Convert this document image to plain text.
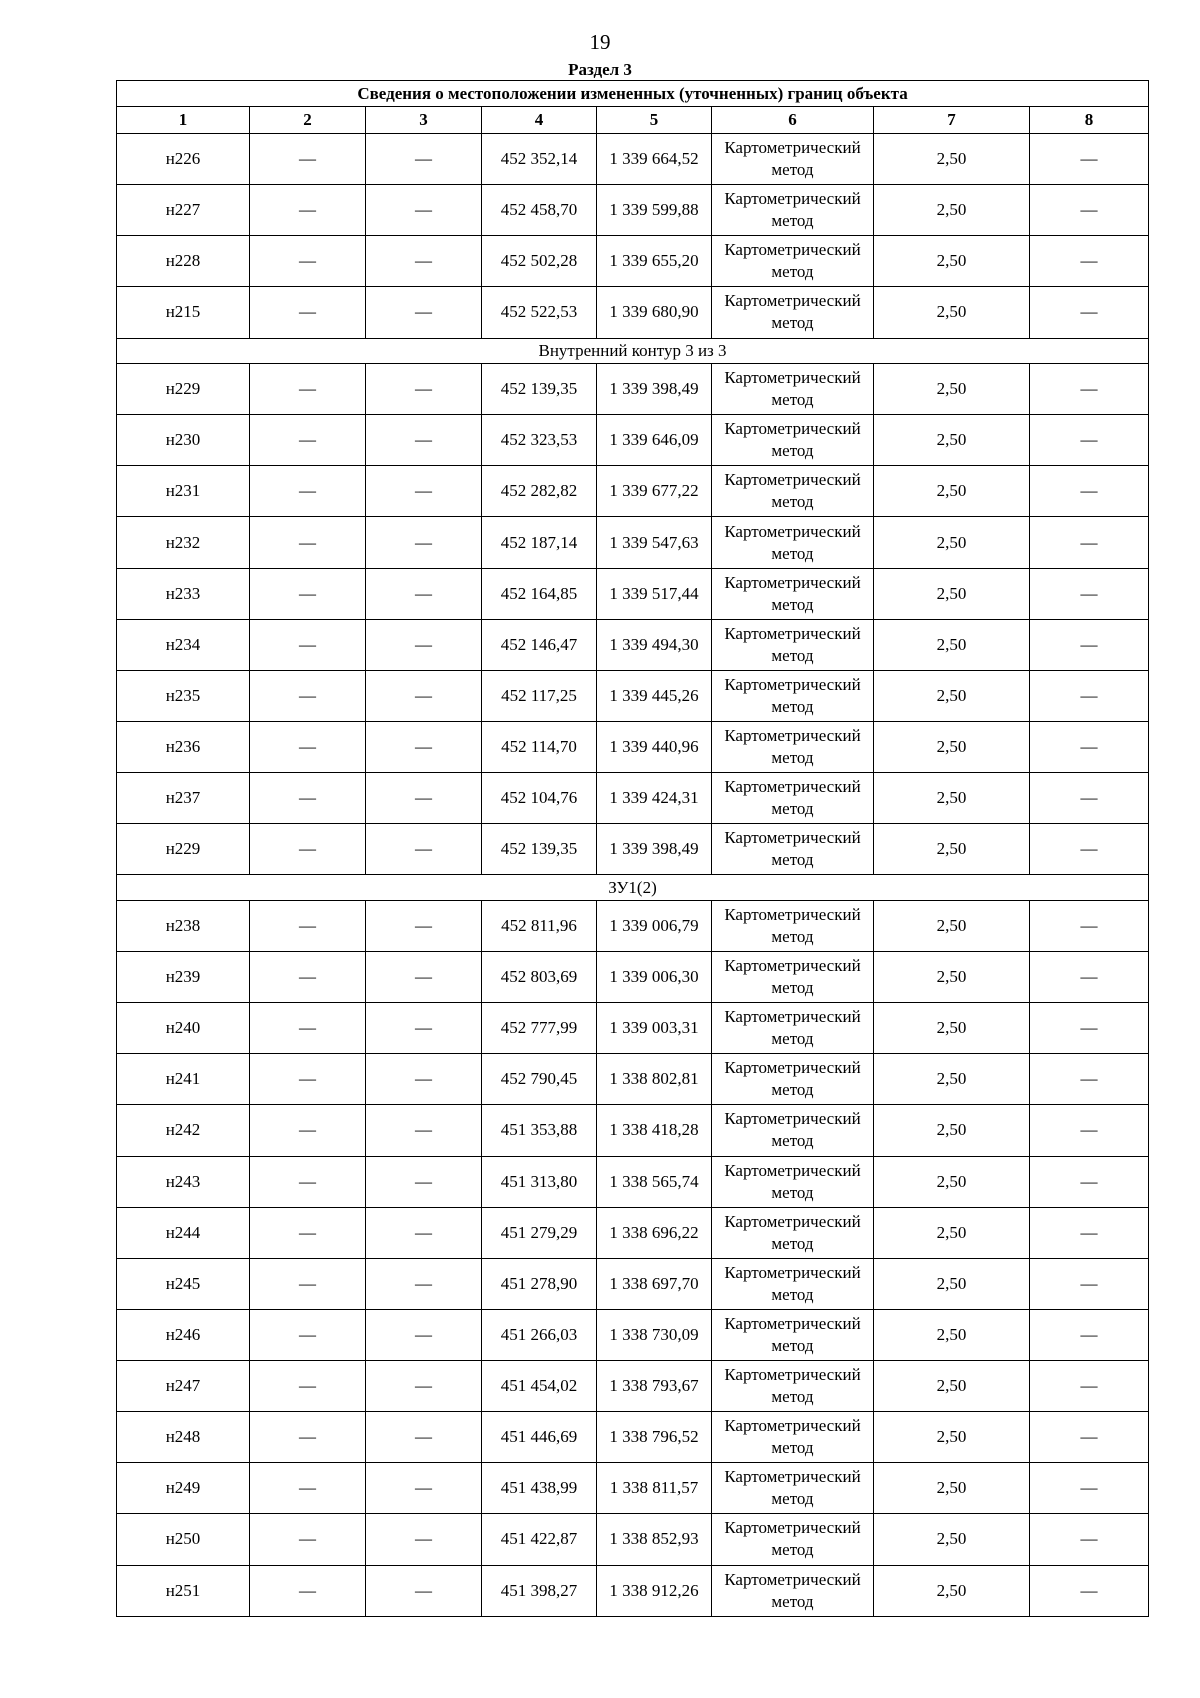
19
Раздел 3
Сведения о местоположении измененных (уточненных) границ объекта							
1	2	3	4	5	6	7	8
н226	—	—	452 352,14	1 339 664,52	Картометрический метод	2,50	—
н227	—	—	452 458,70	1 339 599,88	Картометрический метод	2,50	—
н228	—	—	452 502,28	1 339 655,20	Картометрический метод	2,50	—
н215	—	—	452 522,53	1 339 680,90	Картометрический метод	2,50	—
Внутренний контур 3 из 3							
н229	—	—	452 139,35	1 339 398,49	Картометрический метод	2,50	—
н230	—	—	452 323,53	1 339 646,09	Картометрический метод	2,50	—
н231	—	—	452 282,82	1 339 677,22	Картометрический метод	2,50	—
н232	—	—	452 187,14	1 339 547,63	Картометрический метод	2,50	—
н233	—	—	452 164,85	1 339 517,44	Картометрический метод	2,50	—
н234	—	—	452 146,47	1 339 494,30	Картометрический метод	2,50	—
н235	—	—	452 117,25	1 339 445,26	Картометрический метод	2,50	—
н236	—	—	452 114,70	1 339 440,96	Картометрический метод	2,50	—
н237	—	—	452 104,76	1 339 424,31	Картометрический метод	2,50	—
н229	—	—	452 139,35	1 339 398,49	Картометрический метод	2,50	—
ЗУ1(2)							
н238	—	—	452 811,96	1 339 006,79	Картометрический метод	2,50	—
н239	—	—	452 803,69	1 339 006,30	Картометрический метод	2,50	—
н240	—	—	452 777,99	1 339 003,31	Картометрический метод	2,50	—
н241	—	—	452 790,45	1 338 802,81	Картометрический метод	2,50	—
н242	—	—	451 353,88	1 338 418,28	Картометрический метод	2,50	—
н243	—	—	451 313,80	1 338 565,74	Картометрический метод	2,50	—
н244	—	—	451 279,29	1 338 696,22	Картометрический метод	2,50	—
н245	—	—	451 278,90	1 338 697,70	Картометрический метод	2,50	—
н246	—	—	451 266,03	1 338 730,09	Картометрический метод	2,50	—
н247	—	—	451 454,02	1 338 793,67	Картометрический метод	2,50	—
н248	—	—	451 446,69	1 338 796,52	Картометрический метод	2,50	—
н249	—	—	451 438,99	1 338 811,57	Картометрический метод	2,50	—
н250	—	—	451 422,87	1 338 852,93	Картометрический метод	2,50	—
н251	—	—	451 398,27	1 338 912,26	Картометрический метод	2,50	—
